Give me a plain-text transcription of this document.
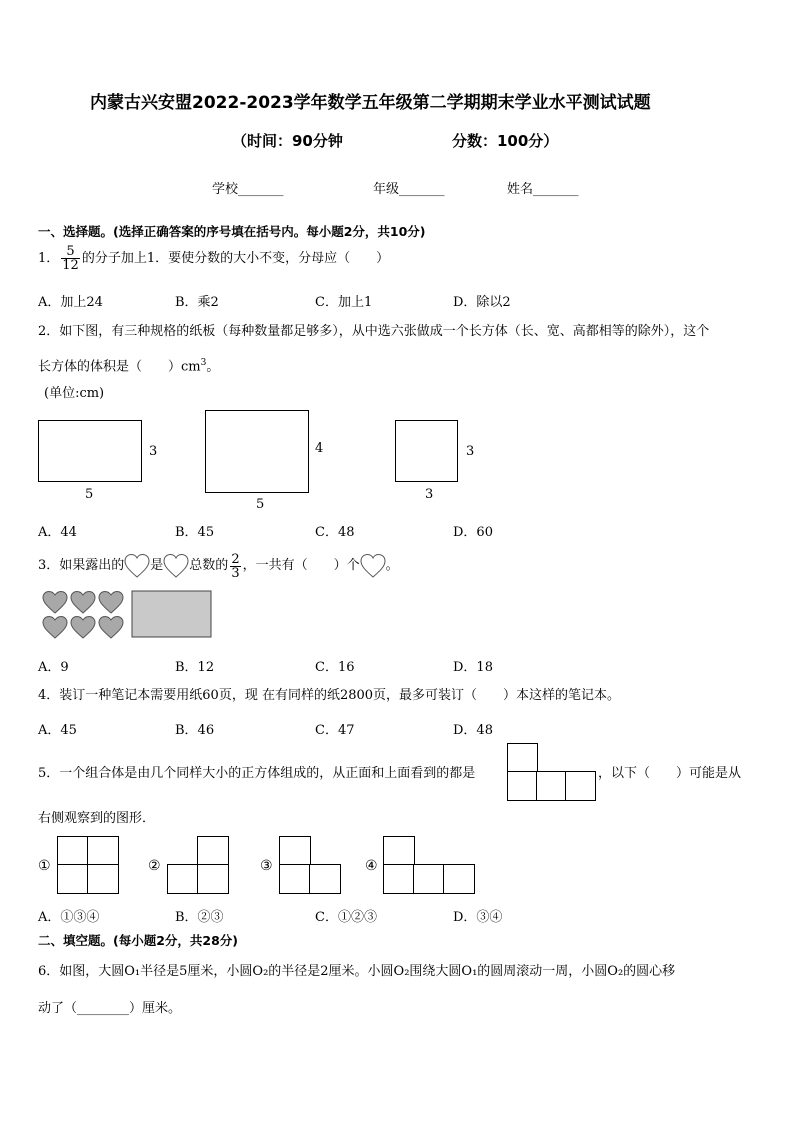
内蒙古兴安盟2022-2023学年数学五年级第二学期期末学业水平测试试题
（时间：90分钟	分数：100分）
学校_______	年级_______	姓名_______
一、选择题。(选择正确答案的序号填在括号内。每小题2分，共10分)
1． $\frac{5}{12}$ 的分子加上1．要使分数的大小不变，分母应（　　）
A．加上24	B．乘2	C．加上1	D．除以2
2．如下图，有三种规格的纸板（每种数量都足够多），从中选六张做成一个长方体（长、宽、高都相等的除外），这个
长方体的体积是（　　）$cm^3$。
(单位:cm)
3
5
4
5
3
3
A．44	B．45	C．48	D．60
3．如果露出的 是 总数的 $\frac{2}{3}$ ，一共有（　　）个 。
A．9	B．12	C．16	D．18
4．装订一种笔记本需要用纸60页，现 在有同样的纸2800页，最多可装订（　　）本这样的笔记本。
A．45	B．46	C．47	D．48
5．一个组合体是由几个同样大小的正方体组成的，从正面和上面看到的都是	，以下（　　）可能是从
右侧观察到的图形．
①	②	③	④
A．①③④	B．②③	C．①②③	D．③④
二、填空题。(每小题2分，共28分)
6．如图，大圆O₁半径是5厘米，小圆O₂的半径是2厘米。小圆O₂围绕大圆O₁的圆周滚动一周，小圆O₂的圆心移
动了（________）厘米。
